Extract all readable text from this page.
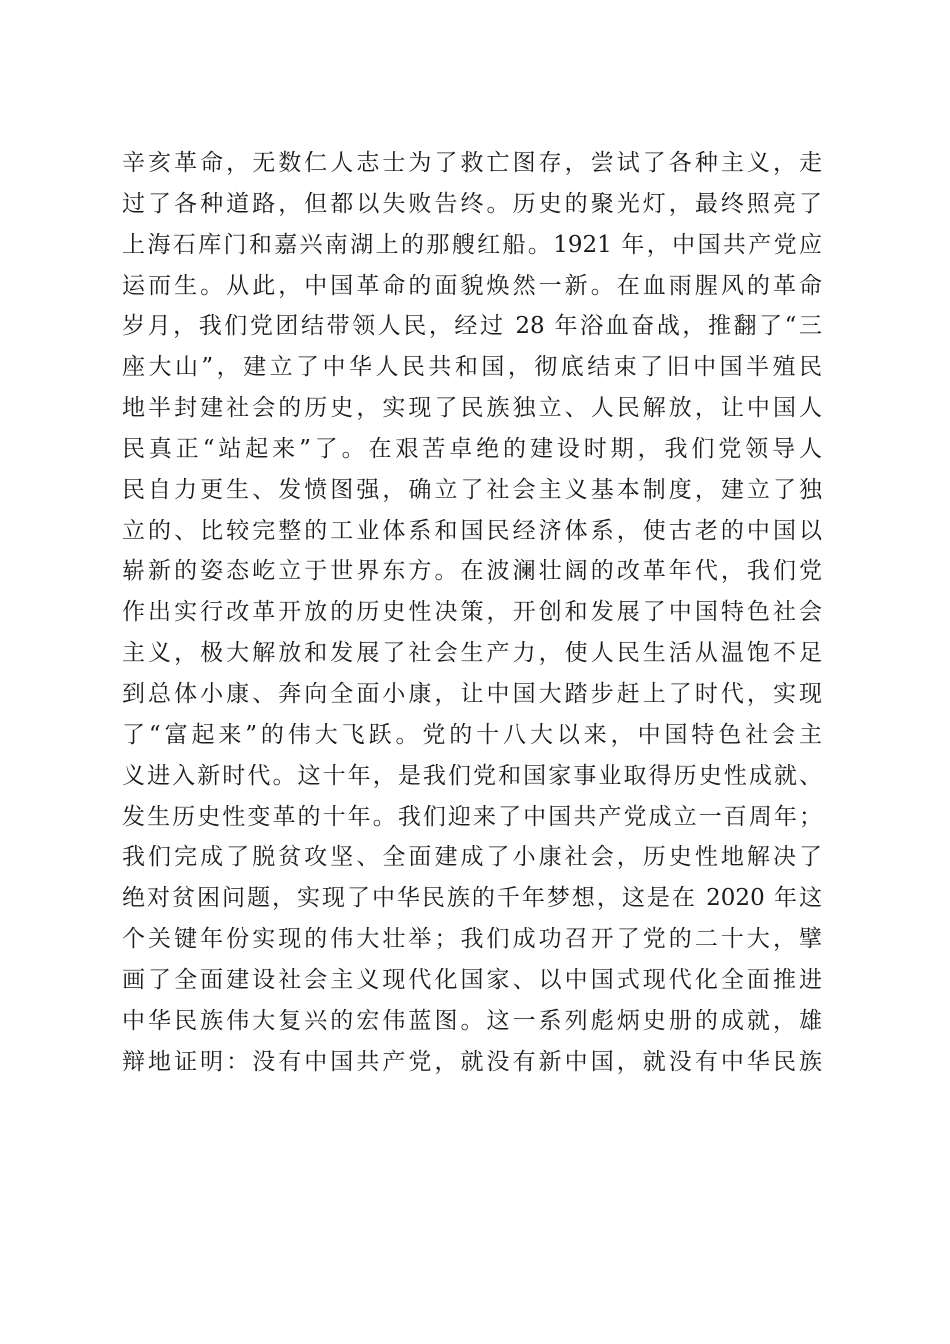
辛亥革命，无数仁人志士为了救亡图存，尝试了各种主义，走
过了各种道路，但都以失败告终。历史的聚光灯，最终照亮了
上海石库门和嘉兴南湖上的那艘红船。1921 年，中国共产党应
运而生。从此，中国革命的面貌焕然一新。在血雨腥风的革命
岁月，我们党团结带领人民，经过 28 年浴血奋战，推翻了“三
座大山”，建立了中华人民共和国，彻底结束了旧中国半殖民
地半封建社会的历史，实现了民族独立、人民解放，让中国人
民真正“站起来”了。在艰苦卓绝的建设时期，我们党领导人
民自力更生、发愤图强，确立了社会主义基本制度，建立了独
立的、比较完整的工业体系和国民经济体系，使古老的中国以
崭新的姿态屹立于世界东方。在波澜壮阔的改革年代，我们党
作出实行改革开放的历史性决策，开创和发展了中国特色社会
主义，极大解放和发展了社会生产力，使人民生活从温饱不足
到总体小康、奔向全面小康，让中国大踏步赶上了时代，实现
了“富起来”的伟大飞跃。党的十八大以来，中国特色社会主
义进入新时代。这十年，是我们党和国家事业取得历史性成就、
发生历史性变革的十年。我们迎来了中国共产党成立一百周年；
我们完成了脱贫攻坚、全面建成了小康社会，历史性地解决了
绝对贫困问题，实现了中华民族的千年梦想，这是在 2020 年这
个关键年份实现的伟大壮举；我们成功召开了党的二十大，擘
画了全面建设社会主义现代化国家、以中国式现代化全面推进
中华民族伟大复兴的宏伟蓝图。这一系列彪炳史册的成就，雄
辩地证明：没有中国共产党，就没有新中国，就没有中华民族
